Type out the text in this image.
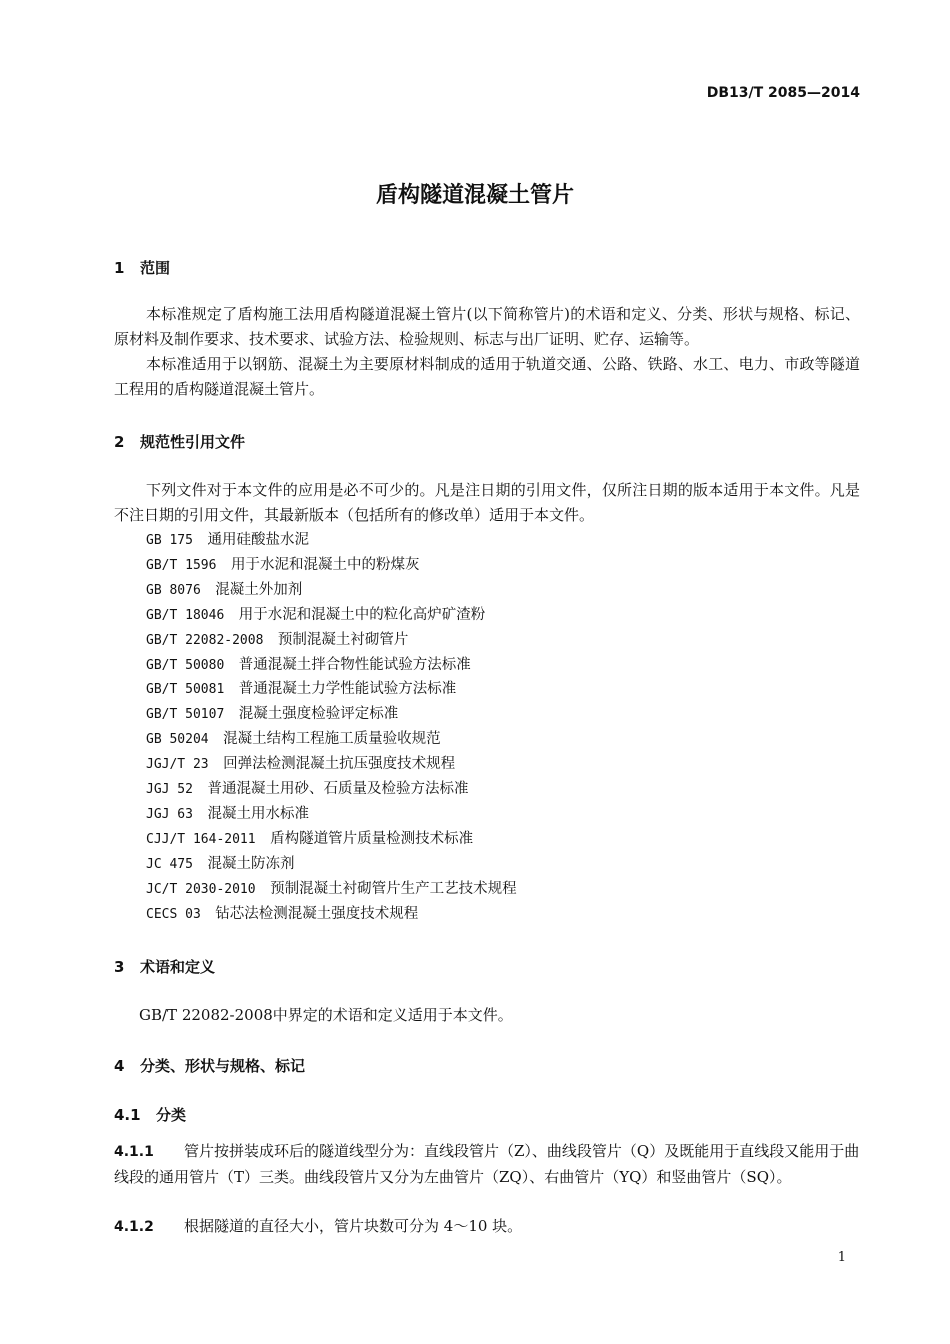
DB13/T 2085—2014
盾构隧道混凝土管片
1 范围
本标准规定了盾构施工法用盾构隧道混凝土管片(以下简称管片)的术语和定义、分类、形状与规格、标记、原材料及制作要求、技术要求、试验方法、检验规则、标志与出厂证明、贮存、运输等。
本标准适用于以钢筋、混凝土为主要原材料制成的适用于轨道交通、公路、铁路、水工、电力、市政等隧道工程用的盾构隧道混凝土管片。
2 规范性引用文件
下列文件对于本文件的应用是必不可少的。凡是注日期的引用文件，仅所注日期的版本适用于本文件。凡是不注日期的引用文件，其最新版本（包括所有的修改单）适用于本文件。
GB 175　 通用硅酸盐水泥
GB/T 1596　 用于水泥和混凝土中的粉煤灰
GB 8076　 混凝土外加剂
GB/T 18046　 用于水泥和混凝土中的粒化高炉矿渣粉
GB/T 22082-2008　 预制混凝土衬砌管片
GB/T 50080　 普通混凝土拌合物性能试验方法标准
GB/T 50081　 普通混凝土力学性能试验方法标准
GB/T 50107　 混凝土强度检验评定标准
GB 50204　 混凝土结构工程施工质量验收规范
JGJ/T 23　 回弹法检测混凝土抗压强度技术规程
JGJ 52　 普通混凝土用砂、石质量及检验方法标准
JGJ 63　 混凝土用水标准
CJJ/T 164-2011　 盾构隧道管片质量检测技术标准
JC 475　 混凝土防冻剂
JC/T 2030-2010　 预制混凝土衬砌管片生产工艺技术规程
CECS 03　 钻芯法检测混凝土强度技术规程
3 术语和定义
GB/T 22082-2008中界定的术语和定义适用于本文件。
4 分类、形状与规格、标记
4.1 分类
4.1.1 管片按拼装成环后的隧道线型分为：直线段管片（Z）、曲线段管片（Q）及既能用于直线段又能用于曲线段的通用管片（T）三类。曲线段管片又分为左曲管片（ZQ）、右曲管片（YQ）和竖曲管片（SQ）。
4.1.2 根据隧道的直径大小，管片块数可分为 4～10 块。
1
